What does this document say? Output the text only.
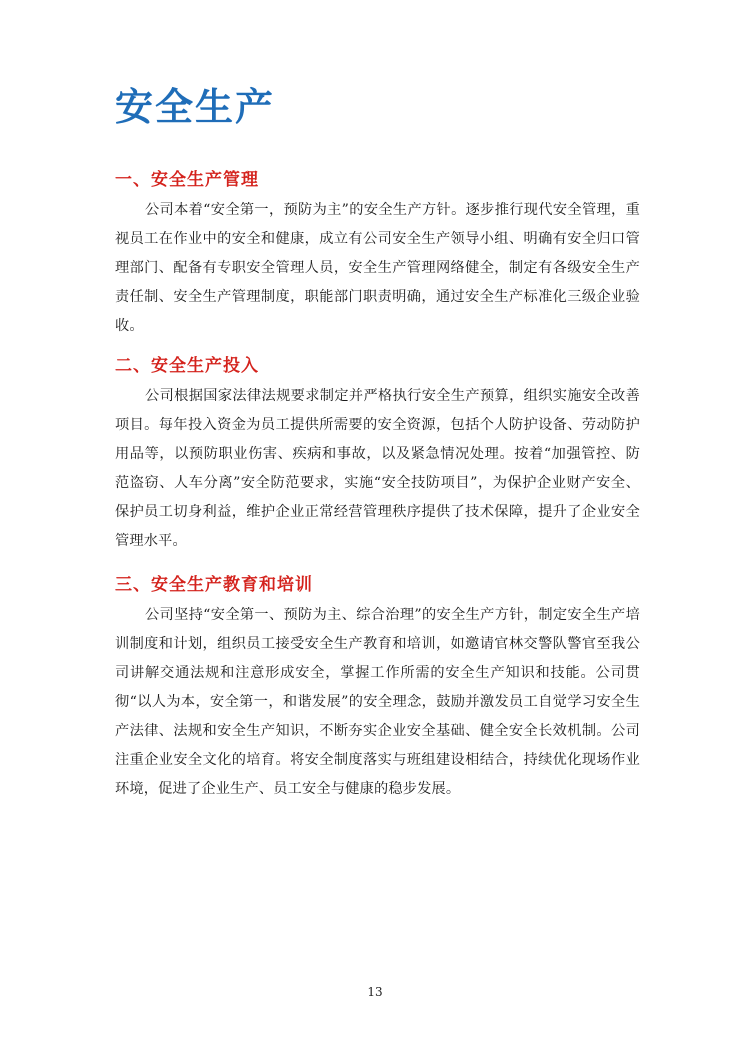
安全生产
一、安全生产管理

公司本着“安全第一，预防为主”的安全生产方针。逐步推行现代安全管理，重视员工在作业中的安全和健康，成立有公司安全生产领导小组、明确有安全归口管理部门、配备有专职安全管理人员，安全生产管理网络健全，制定有各级安全生产责任制、安全生产管理制度，职能部门职责明确，通过安全生产标准化三级企业验收。

二、安全生产投入

公司根据国家法律法规要求制定并严格执行安全生产预算，组织实施安全改善项目。每年投入资金为员工提供所需要的安全资源，包括个人防护设备、劳动防护用品等，以预防职业伤害、疾病和事故，以及紧急情况处理。按着“加强管控、防范盗窃、人车分离”安全防范要求，实施“安全技防项目”，为保护企业财产安全、保护员工切身利益，维护企业正常经营管理秩序提供了技术保障，提升了企业安全管理水平。

三、安全生产教育和培训

公司坚持“安全第一、预防为主、综合治理”的安全生产方针，制定安全生产培训制度和计划，组织员工接受安全生产教育和培训，如邀请官林交警队警官至我公司讲解交通法规和注意形成安全，掌握工作所需的安全生产知识和技能。公司贯彻“以人为本，安全第一，和谐发展”的安全理念，鼓励并激发员工自觉学习安全生产法律、法规和安全生产知识，不断夯实企业安全基础、健全安全长效机制。公司注重企业安全文化的培育。将安全制度落实与班组建设相结合，持续优化现场作业环境，促进了企业生产、员工安全与健康的稳步发展。

13
